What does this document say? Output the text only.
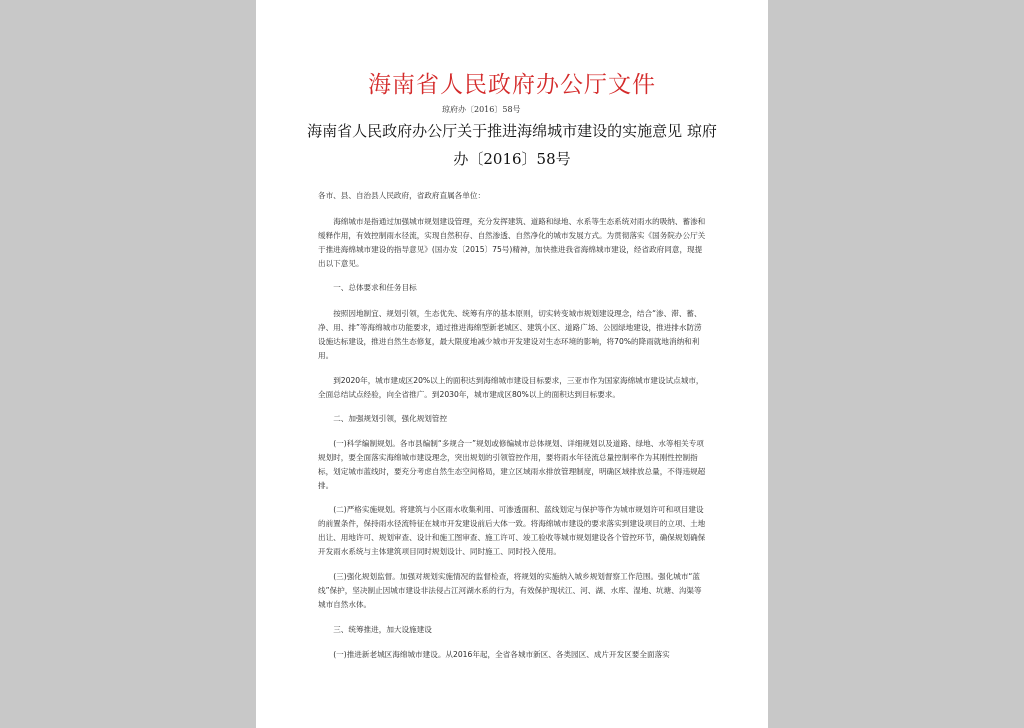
海南省人民政府办公厅文件
琼府办〔2016〕58号
海南省人民政府办公厅关于推进海绵城市建设的实施意见 琼府
办〔2016〕58号
各市、县、自治县人民政府，省政府直属各单位：

海绵城市是指通过加强城市规划建设管理，充分发挥建筑、道路和绿地、水系等生态系统对雨水的吸纳、蓄渗和缓释作用，有效控制雨水径流，实现自然积存、自然渗透、自然净化的城市发展方式。为贯彻落实《国务院办公厅关于推进海绵城市建设的指导意见》(国办发〔2015〕75号)精神，加快推进我省海绵城市建设，经省政府同意，现提出以下意见。

一、总体要求和任务目标

按照因地制宜、规划引领，生态优先、统筹有序的基本原则，切实转变城市规划建设理念，结合“渗、滞、蓄、净、用、排”等海绵城市功能要求，通过推进海绵型新老城区、建筑小区、道路广场、公园绿地建设，推进排水防涝设施达标建设，推进自然生态修复，最大限度地减少城市开发建设对生态环境的影响，将70%的降雨就地消纳和利用。

到2020年，城市建成区20%以上的面积达到海绵城市建设目标要求，三亚市作为国家海绵城市建设试点城市，全面总结试点经验，向全省推广。到2030年，城市建成区80%以上的面积达到目标要求。

二、加强规划引领，强化规划管控

(一)科学编制规划。各市县编制“多规合一”规划或修编城市总体规划、详细规划以及道路、绿地、水等相关专项规划时，要全面落实海绵城市建设理念，突出规划的引领管控作用，要将雨水年径流总量控制率作为其刚性控制指标，划定城市蓝线时，要充分考虑自然生态空间格局，建立区域雨水排放管理制度，明确区域排放总量，不得违规超排。

(二)严格实施规划。将建筑与小区雨水收集利用、可渗透面积、蓝线划定与保护等作为城市规划许可和项目建设的前置条件，保持雨水径流特征在城市开发建设前后大体一致。将海绵城市建设的要求落实到建设项目的立项、土地出让、用地许可、规划审查、设计和施工图审查、施工许可、竣工验收等城市规划建设各个管控环节，确保规划确保开发雨水系统与主体建筑项目同时规划设计、同时施工、同时投入使用。

(三)强化规划监督。加强对规划实施情况的监督检查，将规划的实施纳入城乡规划督察工作范围。强化城市“蓝线”保护，坚决制止因城市建设非法侵占江河湖水系的行为，有效保护现状江、河、湖、水库、湿地、坑塘、沟渠等城市自然水体。

三、统筹推进，加大设施建设

(一)推进新老城区海绵城市建设。从2016年起，全省各城市新区、各类园区、成片开发区要全面落实
